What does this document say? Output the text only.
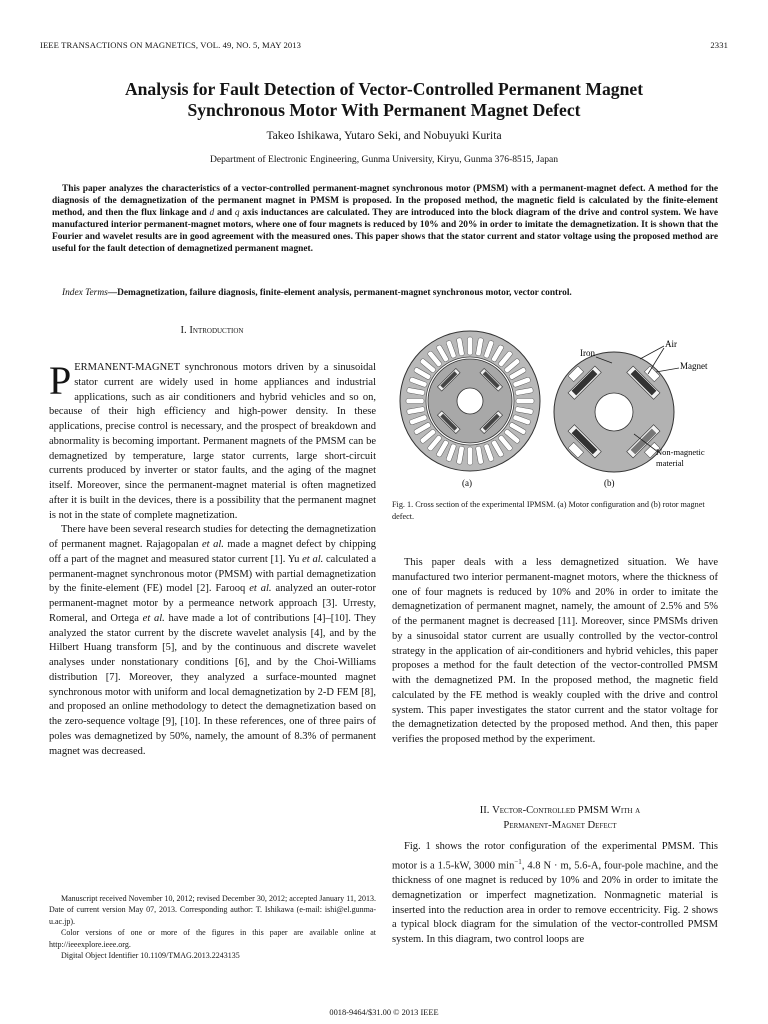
IEEE TRANSACTIONS ON MAGNETICS, VOL. 49, NO. 5, MAY 2013	2331
Analysis for Fault Detection of Vector-Controlled Permanent Magnet
Synchronous Motor With Permanent Magnet Defect
Takeo Ishikawa, Yutaro Seki, and Nobuyuki Kurita
Department of Electronic Engineering, Gunma University, Kiryu, Gunma 376-8515, Japan
This paper analyzes the characteristics of a vector-controlled permanent-magnet synchronous motor (PMSM) with a permanent-magnet defect. A method for the diagnosis of the demagnetization of the permanent magnet in PMSM is proposed. In the proposed method, the magnetic field is calculated by the finite-element method, and then the flux linkage and d and q axis inductances are calculated. They are introduced into the block diagram of the drive and control system. We have manufactured interior permanent-magnet motors, where one of four magnets is reduced by 10% and 20% in order to imitate the demagnetization. It is shown that the Fourier and wavelet results are in good agreement with the measured ones. This paper shows that the stator current and stator voltage using the proposed method are useful for the fault detection of demagnetized permanent magnet.
Index Terms—Demagnetization, failure diagnosis, finite-element analysis, permanent-magnet synchronous motor, vector control.
I. Introduction

PERMANENT-MAGNET synchronous motors driven by a sinusoidal stator current are widely used in home appliances and industrial applications, such as air conditioners and hybrid vehicles and so on, because of their high efficiency and high-power density. In these applications, precise control is necessary, and the prospect of breakdown and abnormality is becoming important. Permanent magnets of the PMSM can be demagnetized by temperature, large stator currents, large short-circuit currents produced by inverter or stator faults, and the aging of the magnet itself. Moreover, since the permanent-magnet material is often magnetized after it is built in the devices, there is a possibility that the permanent magnet is not in the state of complete magnetization.

There have been several research studies for detecting the demagnetization of permanent magnet. Rajagopalan et al. made a magnet defect by chipping off a part of the magnet and measured stator current [1]. Yu et al. calculated a permanent-magnet synchronous motor (PMSM) with partial demagnetization by the finite-element (FE) model [2]. Farooq et al. analyzed an outer-rotor permanent-magnet motor by a permeance network approach [3]. Urresty, Romeral, and Ortega et al. have made a lot of contributions [4]–[10]. They analyzed the stator current by the discrete wavelet analysis [4], and by the Hilbert Huang transform [5], and by the continuous and discrete wavelet analyses under nonstationary conditions [6], and by the Choi-Williams distribution [7]. Moreover, they analyzed a surface-mounted magnet synchronous motor with uniform and local demagnetization by 2-D FEM [8], and proposed an online methodology to detect the demagnetization based on the zero-sequence voltage [9], [10]. In these references, one of three pairs of poles was demagnetized by 50%, namely, the amount of 8.3% of permanent magnet was decreased.

Manuscript received November 10, 2012; revised December 30, 2012; accepted January 11, 2013. Date of current version May 07, 2013. Corresponding author: T. Ishikawa (e-mail: ishi@el.gunma-u.ac.jp).

Color versions of one or more of the figures in this paper are available online at http://ieeexplore.ieee.org.

Digital Object Identifier 10.1109/TMAG.2013.2243135

Air
Iron
Magnet
Non-magnetic
material
(a)	(b)
Fig. 1. Cross section of the experimental IPMSM. (a) Motor configuration and (b) rotor magnet defect.

This paper deals with a less demagnetized situation. We have manufactured two interior permanent-magnet motors, where the thickness of one of four magnets is reduced by 10% and 20% in order to imitate the demagnetization of permanent magnet, namely, the amount of 2.5% and 5% of the permanent magnet is decreased [11]. Moreover, since PMSMs driven by a sinusoidal stator current are usually controlled by the vector-control strategy in the application of air-conditioners and hybrid vehicles, this paper proposes a method for the fault detection of the vector-controlled PMSM with the demagnetized PM. In the proposed method, the magnetic field calculated by the FE method is weakly coupled with the drive and control system. This paper investigates the stator current and the stator voltage for the demagnetization detected by the proposed method. And then, this paper verifies the proposed method by the experiment.

II. Vector-Controlled PMSM With a
Permanent-Magnet Defect

Fig. 1 shows the rotor configuration of the experimental PMSM. This motor is a 1.5-kW, 3000 $\min^{-1}$, 4.8 N · m, 5.6-A, four-pole machine, and the thickness of one magnet is reduced by 10% and 20% in order to imitate the demagnetization or imperfect magnetization. Nonmagnetic material is inserted into the reduction area in order to remove eccentricity. Fig. 2 shows a typical block diagram for the simulation of the vector-controlled PMSM system. In this diagram, two control loops are

0018-9464/$31.00 © 2013 IEEE
